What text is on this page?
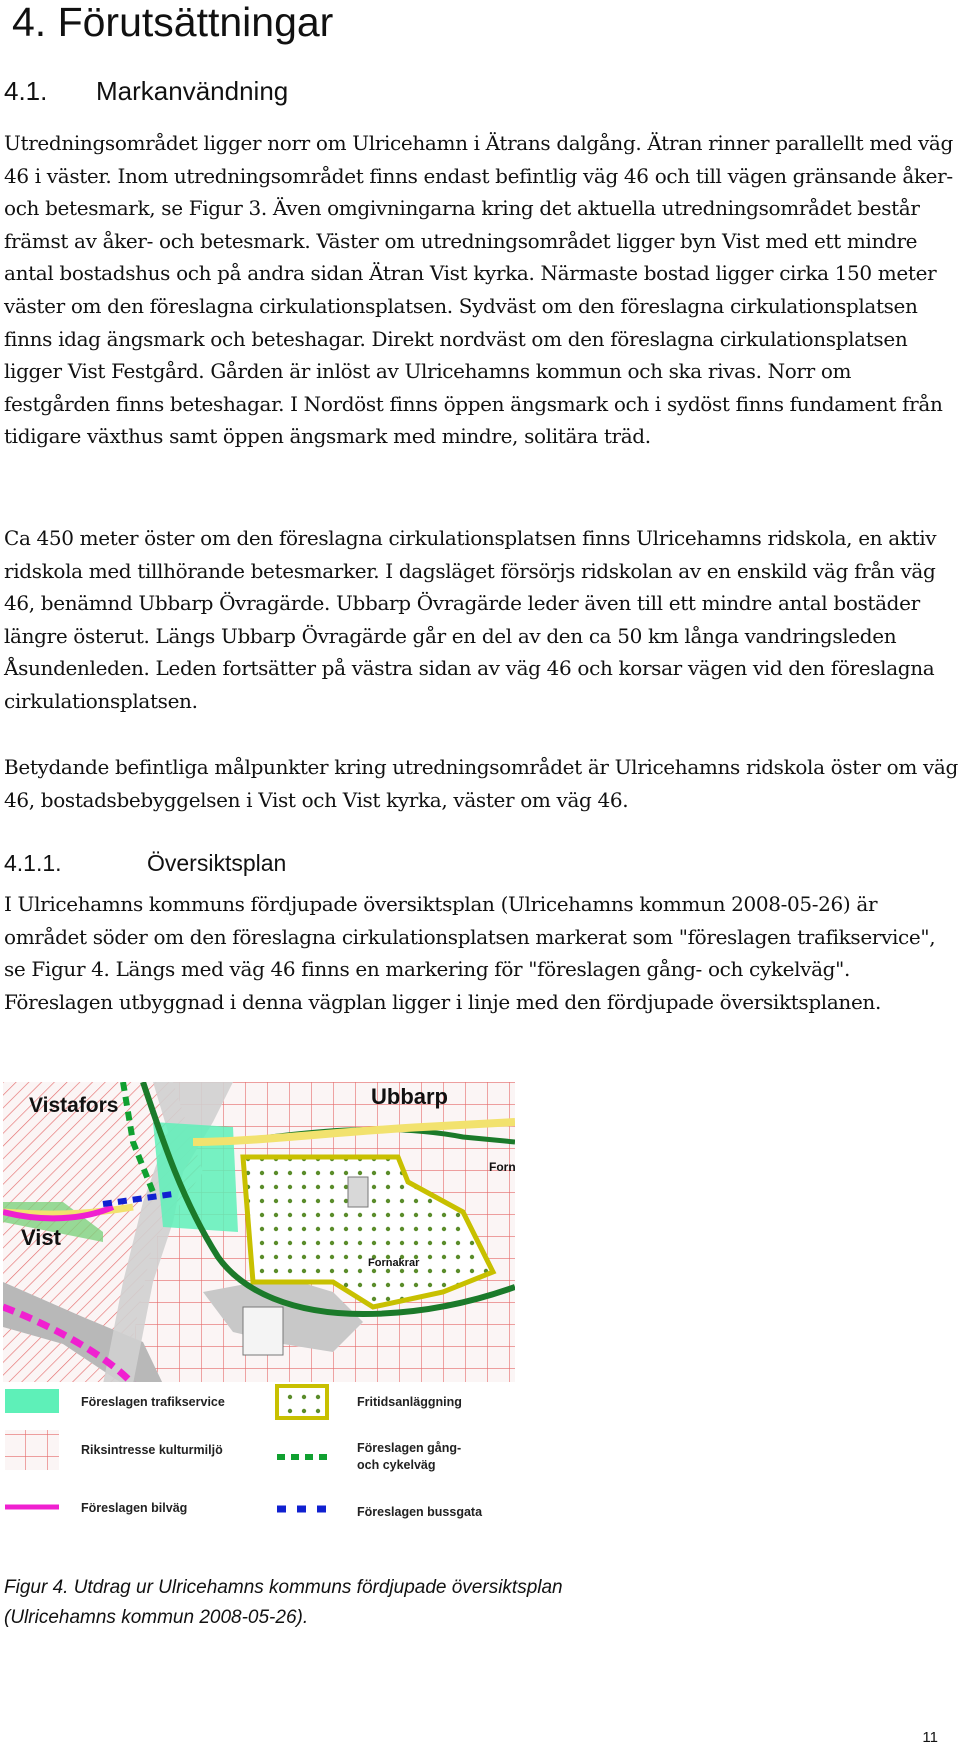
4. Förutsättningar
4.1. Markanvändning
Utredningsområdet ligger norr om Ulricehamn i Ätrans dalgång. Ätran rinner parallellt med väg 46 i väster. Inom utredningsområdet finns endast befintlig väg 46 och till vägen gränsande åker- och betesmark, se Figur 3. Även omgivningarna kring det aktuella utredningsområdet består främst av åker- och betesmark. Väster om utredningsområdet ligger byn Vist med ett mindre antal bostadshus och på andra sidan Ätran Vist kyrka. Närmaste bostad ligger cirka 150 meter väster om den föreslagna cirkulationsplatsen. Sydväst om den föreslagna cirkulationsplatsen finns idag ängsmark och beteshagar. Direkt nordväst om den föreslagna cirkulationsplatsen ligger Vist Festgård. Gården är inlöst av Ulricehamns kommun och ska rivas. Norr om festgården finns beteshagar. I Nordöst finns öppen ängsmark och i sydöst finns fundament från tidigare växthus samt öppen ängsmark med mindre, solitära träd.
Ca 450 meter öster om den föreslagna cirkulationsplatsen finns Ulricehamns ridskola, en aktiv ridskola med tillhörande betesmarker. I dagsläget försörjs ridskolan av en enskild väg från väg 46, benämnd Ubbarp Övragärde. Ubbarp Övragärde leder även till ett mindre antal bostäder längre österut. Längs Ubbarp Övragärde går en del av den ca 50 km långa vandringsleden Åsundenleden. Leden fortsätter på västra sidan av väg 46 och korsar vägen vid den föreslagna cirkulationsplatsen.
Betydande befintliga målpunkter kring utredningsområdet är Ulricehamns ridskola öster om väg 46, bostadsbebyggelsen i Vist och Vist kyrka, väster om väg 46.
4.1.1.	Översiktsplan
I Ulricehamns kommuns fördjupade översiktsplan (Ulricehamns kommun 2008-05-26) är området söder om den föreslagna cirkulationsplatsen markerat som "föreslagen trafikservice", se Figur 4. Längs med väg 46 finns en markering för "föreslagen gång- och cykelväg". Föreslagen utbyggnad i denna vägplan ligger i linje med den fördjupade översiktsplanen.
Vistafors	Ubbarp
Vist
Forn
Fornakrar
Föreslagen trafikservice
Riksintresse kulturmiljö
Föreslagen bilväg
Fritidsanläggning
Föreslagen gång-
och cykelväg
Föreslagen bussgata
Figur 4. Utdrag ur Ulricehamns kommuns fördjupade översiktsplan
(Ulricehamns kommun 2008-05-26).
11
